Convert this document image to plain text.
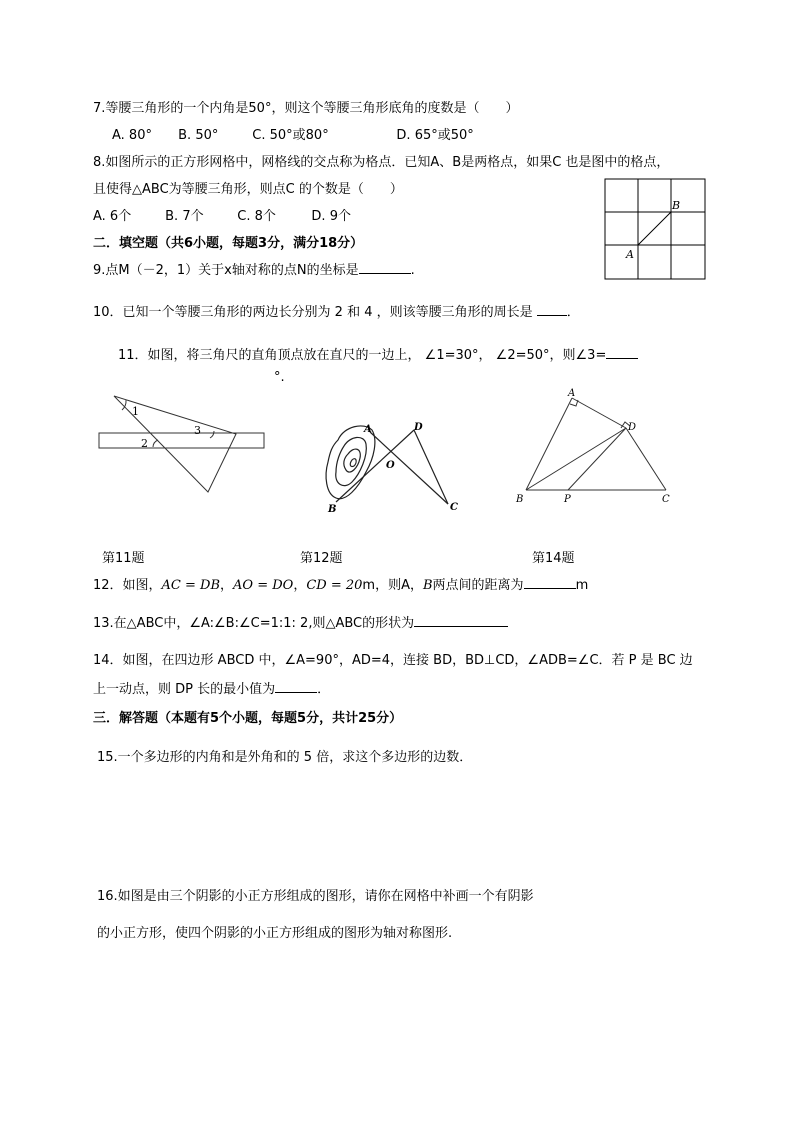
7.等腰三角形的一个内角是50°，则这个等腰三角形底角的度数是（　　）
A. 80° B. 50°	C. 50°或80°	D. 65°或50°
8.如图所示的正方形网格中，网格线的交点称为格点．已知A、B是两格点，如果C 也是图中的格点，
且使得△ABC为等腰三角形，则点C 的个数是（　　）
A. 6个	B. 7个	C. 8个	D. 9个
B
A
二．填空题（共6小题，每题3分，满分18分）
9.点M（－2，1）关于x轴对称的点N的坐标是	.
10．已知一个等腰三角形的两边长分别为 2 和 4 ，则该等腰三角形的周长是	．
11．如图，将三角尺的直角顶点放在直尺的一边上， ∠1=30°， ∠2=50°，则∠3=
°.
1
2
3	A	D
O
B	C
A
D
B	P	C
第11题	第12题	第14题
12．如图，AC = DB，AO = DO，CD = 20m，则A，B两点间的距离为	m
13.在△ABC中，∠A:∠B:∠C=1:1: 2,则△ABC的形状为
14．如图，在四边形 ABCD 中，∠A=90°，AD=4，连接 BD，BD⊥CD，∠ADB=∠C．若 P 是 BC 边
上一动点，则 DP 长的最小值为	．
三．解答题（本题有5个小题，每题5分，共计25分）
15.一个多边形的内角和是外角和的 5 倍，求这个多边形的边数．
16.如图是由三个阴影的小正方形组成的图形，请你在网格中补画一个有阴影
的小正方形，使四个阴影的小正方形组成的图形为轴对称图形.
